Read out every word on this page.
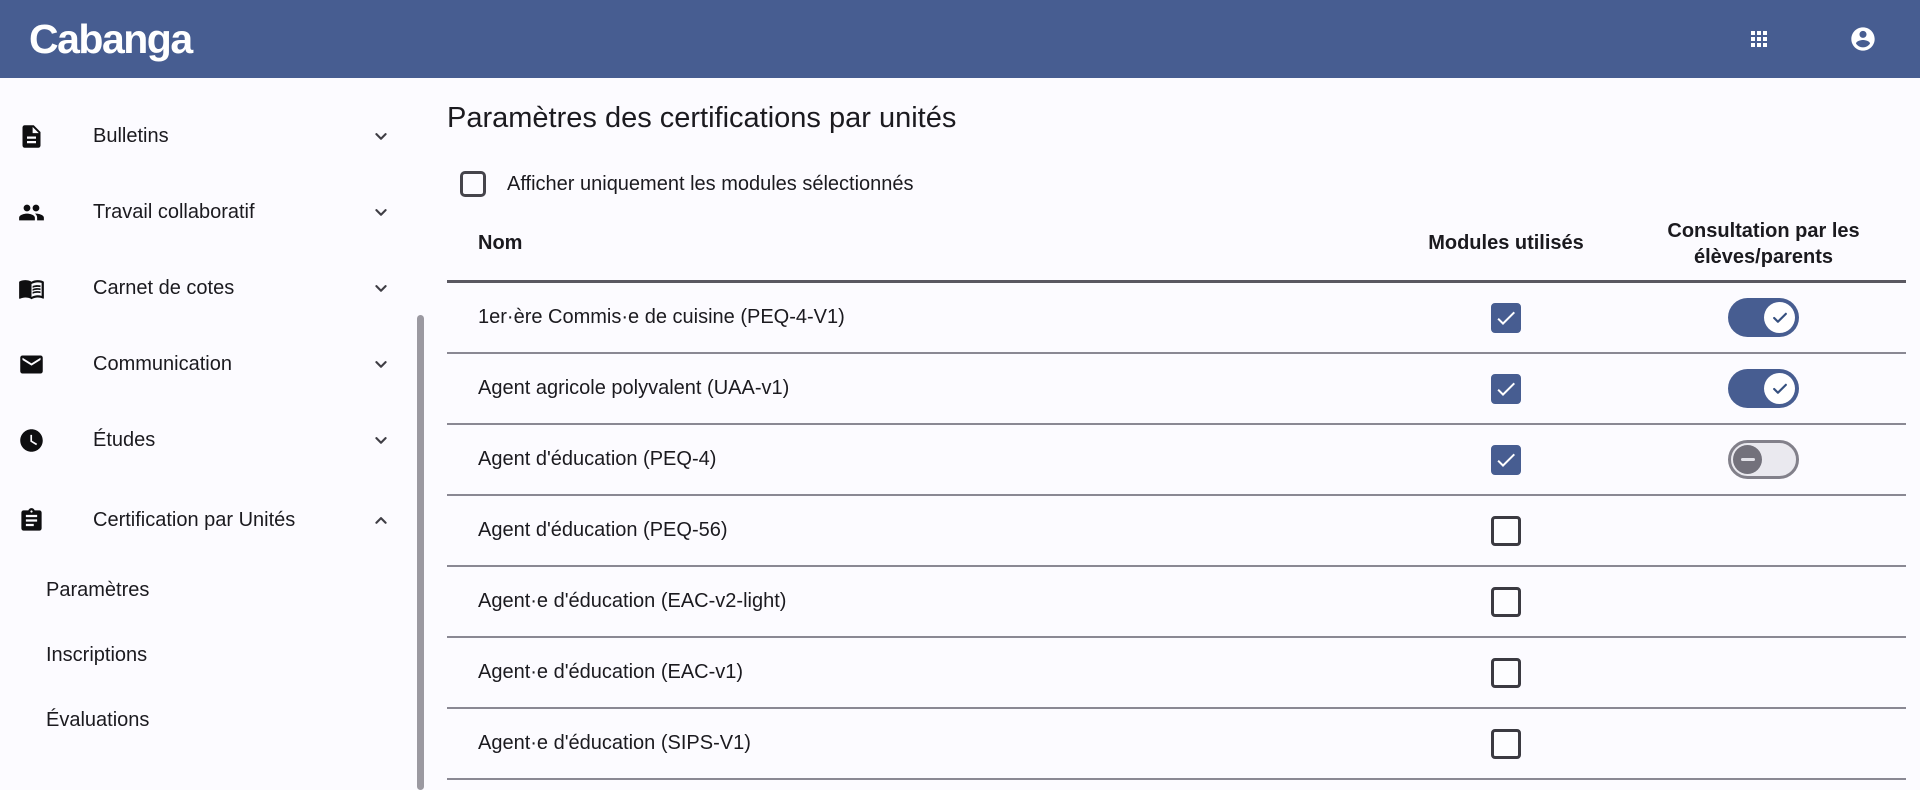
Cabanga
Bulletins
Travail collaboratif
Carnet de cotes
Communication
Études
Certification par Unités
Paramètres
Inscriptions
Évaluations
Paramètres des certifications par unités
Afficher uniquement les modules sélectionnés
Nom	Modules utilisés
Consultation par les élèves/parents
1er·ère Commis·e de cuisine (PEQ-4-V1)
Agent agricole polyvalent (UAA-v1)
Agent d'éducation (PEQ-4)
Agent d'éducation (PEQ-56)
Agent·e d'éducation (EAC-v2-light)
Agent·e d'éducation (EAC-v1)
Agent·e d'éducation (SIPS-V1)
